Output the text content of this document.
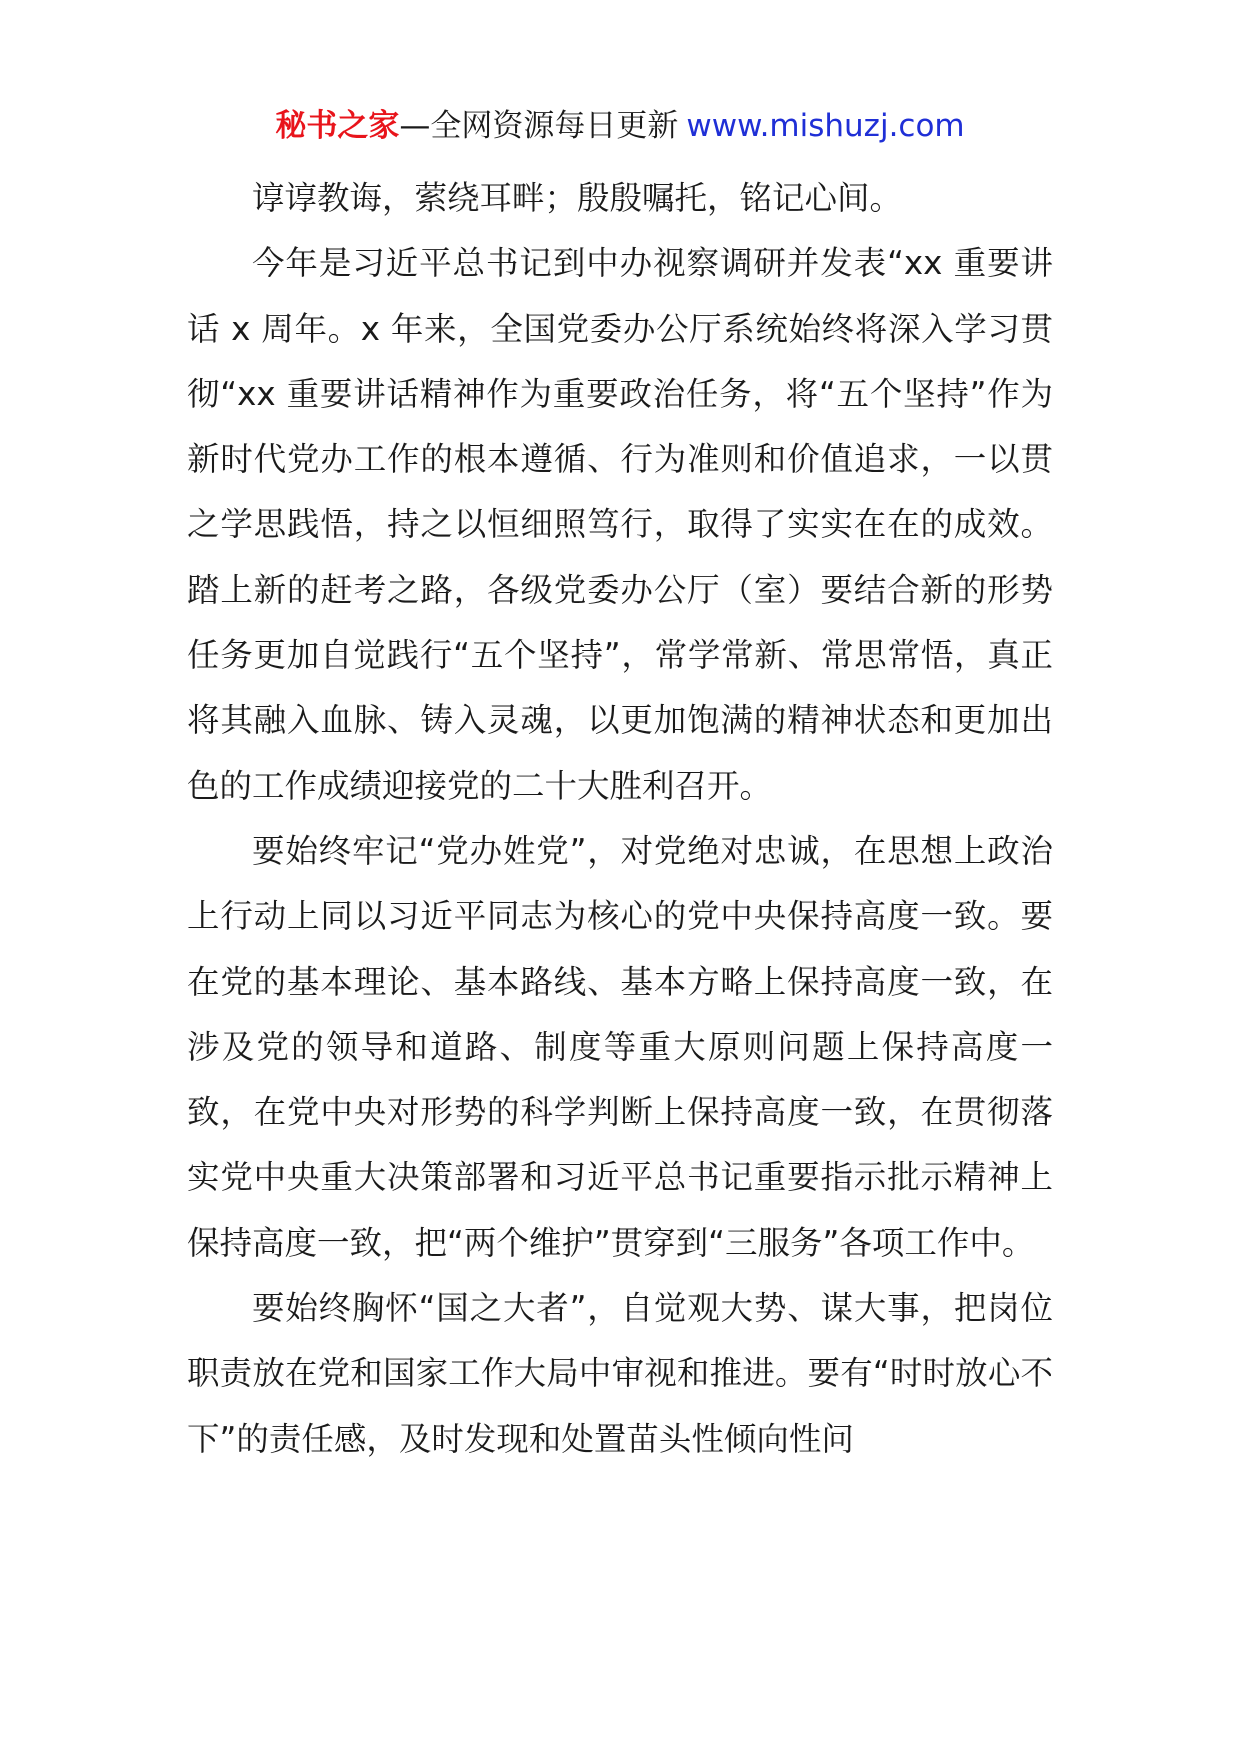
秘书之家—全网资源每日更新 www.mishuzj.com

谆谆教诲，萦绕耳畔；殷殷嘱托，铭记心间。

今年是习近平总书记到中办视察调研并发表“xx 重要讲话 x 周年。x 年来，全国党委办公厅系统始终将深入学习贯彻“xx 重要讲话精神作为重要政治任务，将“五个坚持”作为新时代党办工作的根本遵循、行为准则和价值追求，一以贯之学思践悟，持之以恒细照笃行，取得了实实在在的成效。踏上新的赶考之路，各级党委办公厅（室）要结合新的形势任务更加自觉践行“五个坚持”，常学常新、常思常悟，真正将其融入血脉、铸入灵魂，以更加饱满的精神状态和更加出色的工作成绩迎接党的二十大胜利召开。

要始终牢记“党办姓党”，对党绝对忠诚，在思想上政治上行动上同以习近平同志为核心的党中央保持高度一致。要在党的基本理论、基本路线、基本方略上保持高度一致，在涉及党的领导和道路、制度等重大原则问题上保持高度一致，在党中央对形势的科学判断上保持高度一致，在贯彻落实党中央重大决策部署和习近平总书记重要指示批示精神上保持高度一致，把“两个维护”贯穿到“三服务”各项工作中。

要始终胸怀“国之大者”，自觉观大势、谋大事，把岗位职责放在党和国家工作大局中审视和推进。要有“时时放心不下”的责任感，及时发现和处置苗头性倾向性问
